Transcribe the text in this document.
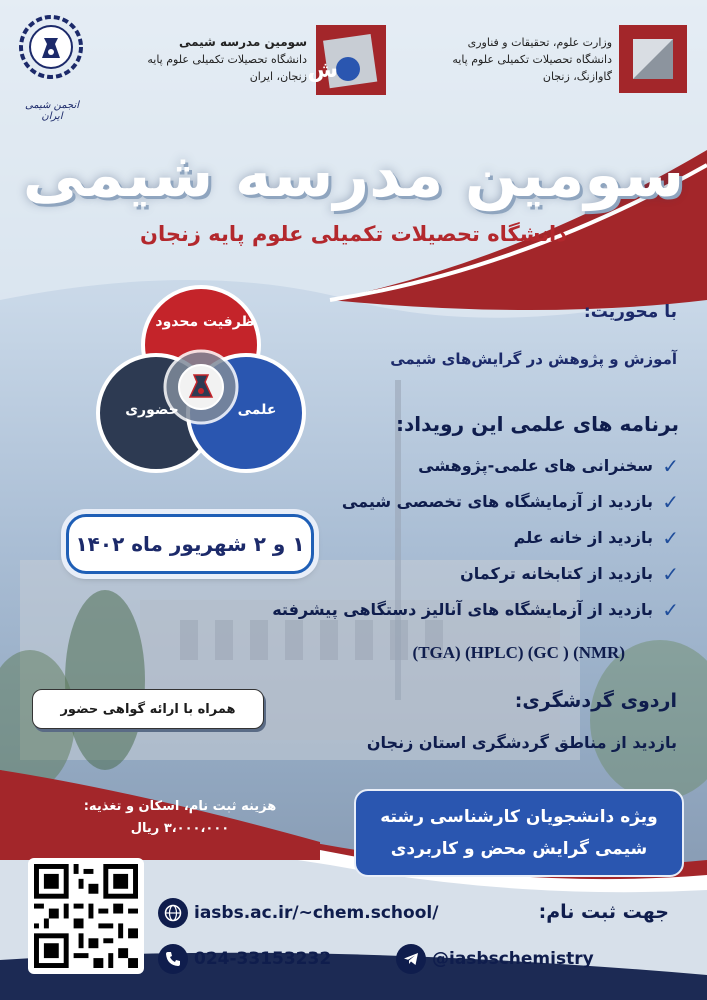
وزارت علوم، تحقیقات و فناوری
دانشگاه تحصیلات تکمیلی علوم پایه
گاوازنگ، زنجان
سومین مدرسه شیمی
دانشگاه تحصیلات تکمیلی علوم پایه
زنجان، ایران ش
انجمن شیمی ایران
سومین مدرسه شیمی
دانشگاه تحصیلات تکمیلی علوم پایه زنجان
ظرفیت محدود
حضوری	علمی
با محوریت:
آموزش و پژوهش در گرایش‌های شیمی
برنامه های علمی این رویداد:
✓
سخنرانی های علمی-پژوهشی
✓
بازدید از آزمایشگاه های تخصصی شیمی
✓
بازدید از خانه علم
✓
بازدید از کتابخانه ترکمان
✓
بازدید از آزمایشگاه های آنالیز دستگاهی پیشرفته
(TGA) (HPLC) (GC ) (NMR)
۱ و ۲ شهریور ماه ۱۴۰۲
همراه با ارائه گواهی حضور	اردوی گردشگری:
بازدید از مناطق گردشگری استان زنجان
هزینه ثبت نام، اسکان و تغذیه:
۳،۰۰۰،۰۰۰ ریال
ویژه دانشجویان کارشناسی رشته
شیمی گرایش محض و کاربردی
جهت ثبت نام:
iasbs.ac.ir/~chem.school/
024-33153232	@iasbschemistry
